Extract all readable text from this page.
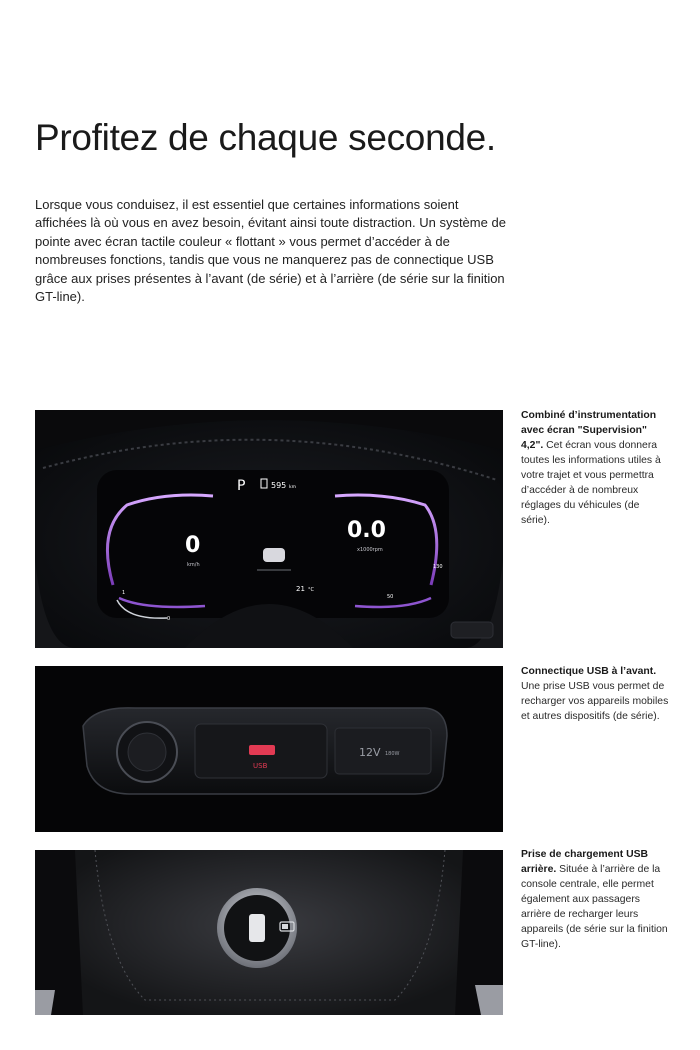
Profitez de chaque seconde.

Lorsque vous conduisez, il est essentiel que certaines informations soient affichées là où vous en avez besoin, évitant ainsi toute distraction. Un système de pointe avec écran tactile couleur « flottant » vous permet d’accéder à de nombreuses fonctions, tandis que vous ne manquerez pas de connectique USB grâce aux prises présentes à l’avant (de série) et à l’arrière (de série sur la finition GT-line).

P	595 km
0
km/h
0.0
x1000rpm
21 °C
1
0
50
130
Combiné d’instrumentation avec écran "Supervision" 4,2". Cet écran vous donnera toutes les informations utiles à votre trajet et vous permettra d’accéder à de nombreux réglages du véhicules (de série).
USB
12V 180W
Connectique USB à l’avant. Une prise USB vous permet de recharger vos appareils mobiles et autres dispositifs (de série).
Prise de chargement USB arrière. Située à l’arrière de la console centrale, elle permet également aux passagers arrière de recharger leurs appareils (de série sur la finition GT-line).
